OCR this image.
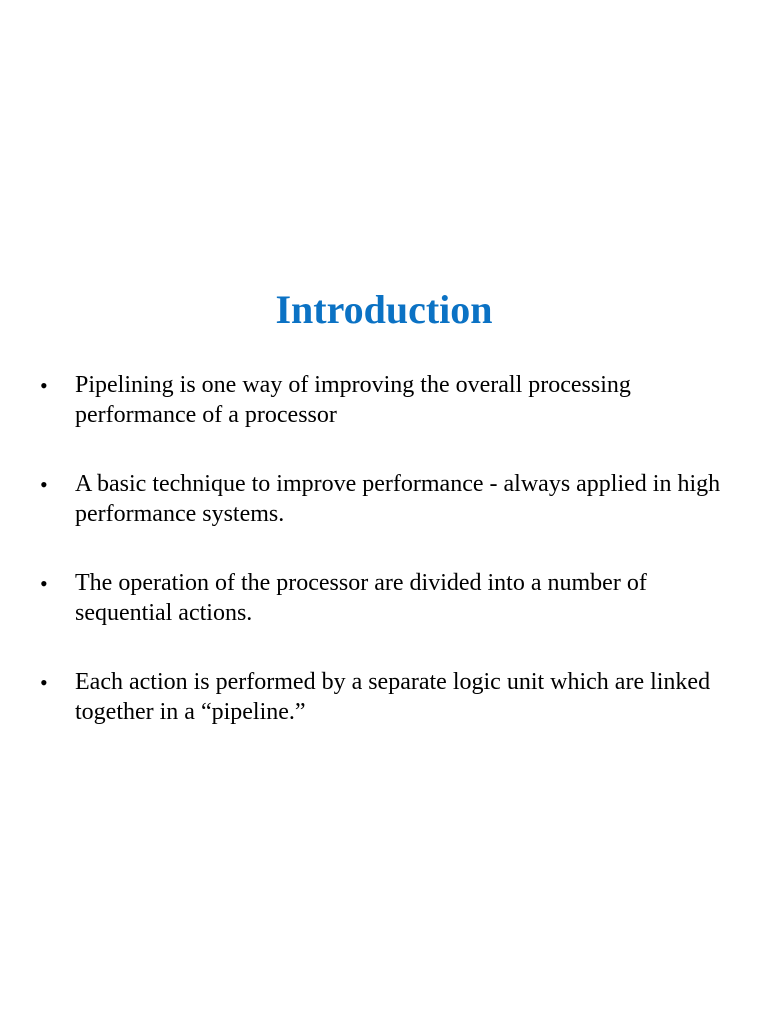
Introduction
•	Pipelining is one way of improving the overall processing performance of a processor
•	A basic technique to improve performance - always applied in high performance systems.
•	The operation of the processor are divided into a number of sequential actions.
•	Each action is performed by a separate logic unit which are linked together in a “pipeline.”
